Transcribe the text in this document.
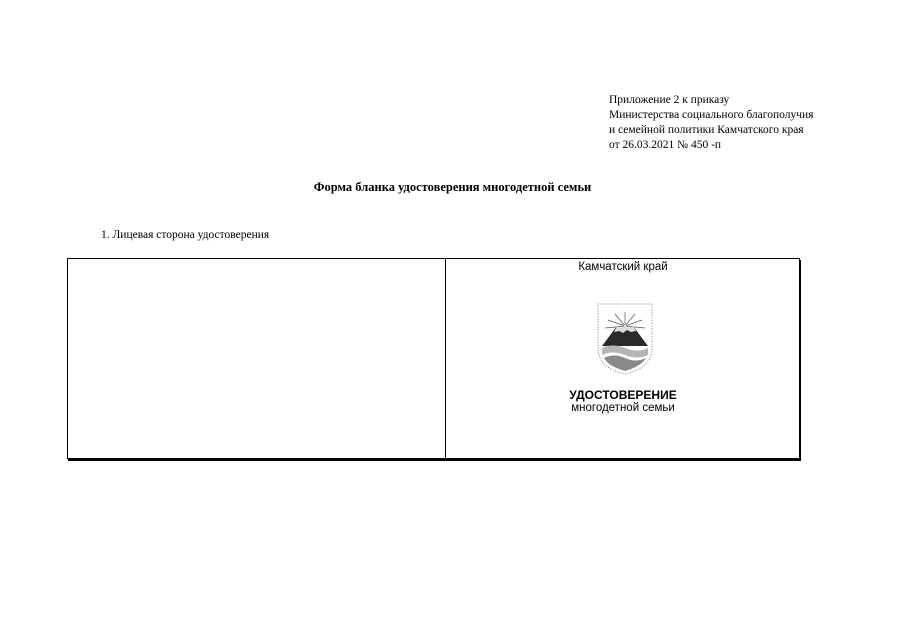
Приложение 2 к приказу
Министерства социального благополучия
и семейной политики Камчатского края
от 26.03.2021 № 450 -п
Форма бланка удостоверения многодетной семьи
1. Лицевая сторона удостоверения
Камчатский край
УДОСТОВЕРЕНИЕ
многодетной семьи
